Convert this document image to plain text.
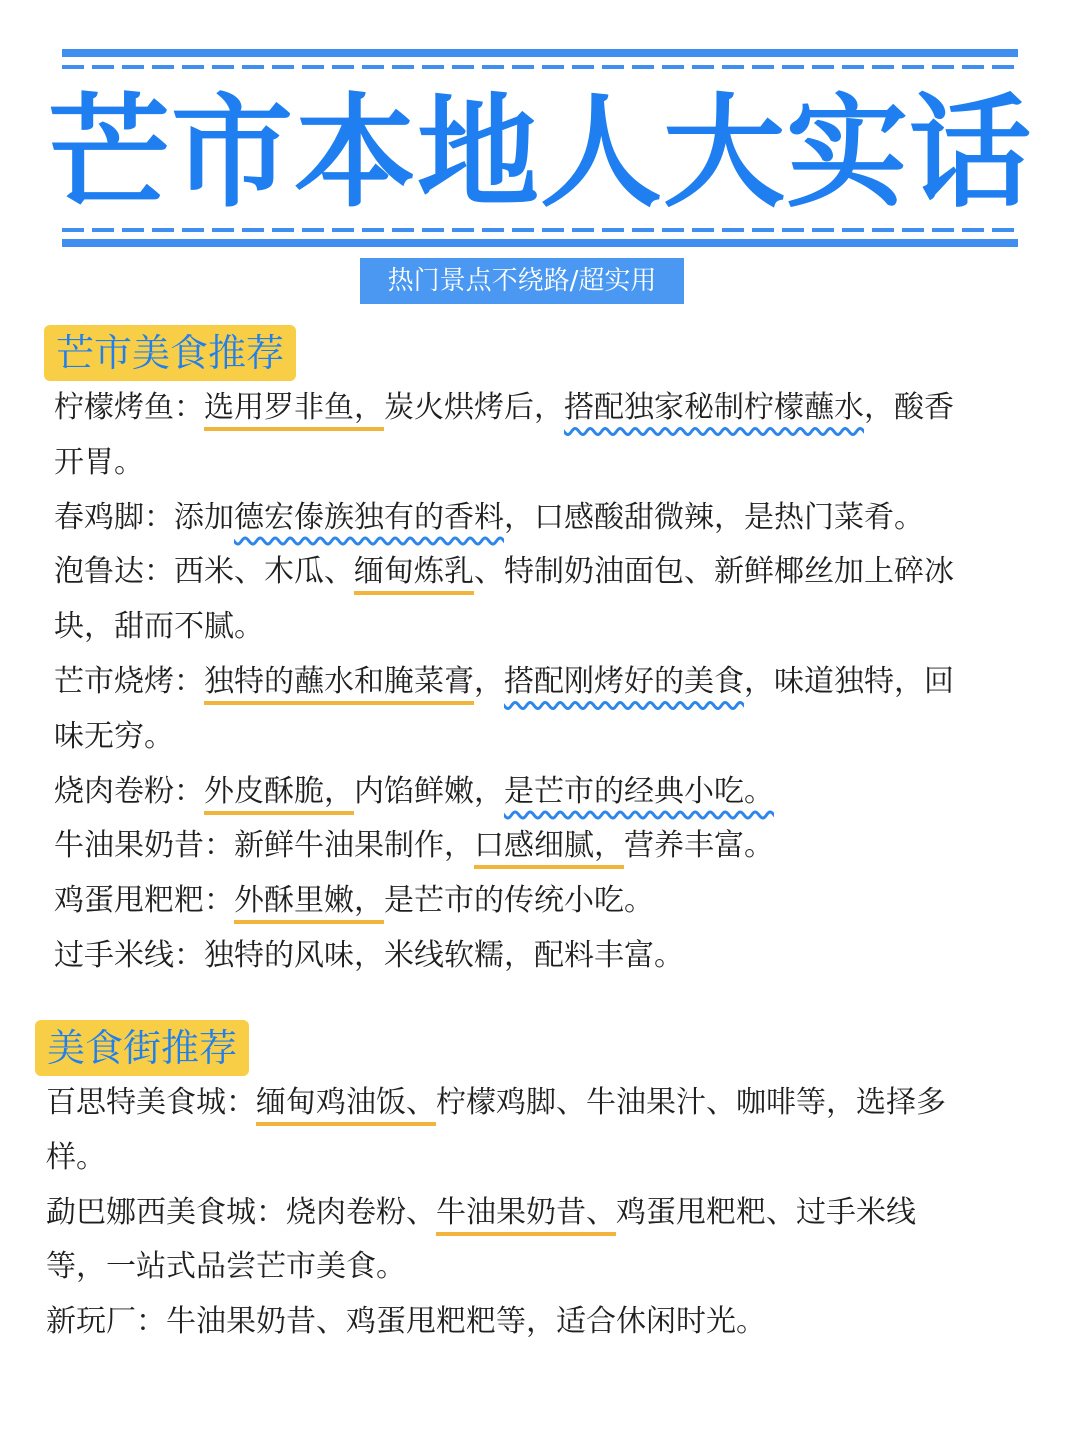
芒市本地人大实话
热门景点不绕路/超实用
芒市美食推荐
柠檬烤鱼：选用罗非鱼，炭火烘烤后，搭配独家秘制柠檬蘸水，酸香
开胃。
春鸡脚：添加德宏傣族独有的香料，口感酸甜微辣，是热门菜肴。
泡鲁达：西米、木瓜、缅甸炼乳、特制奶油面包、新鲜椰丝加上碎冰
块，甜而不腻。
芒市烧烤：独特的蘸水和腌菜膏，搭配刚烤好的美食，味道独特，回
味无穷。
烧肉卷粉：外皮酥脆，内馅鲜嫩，是芒市的经典小吃。
牛油果奶昔：新鲜牛油果制作，口感细腻，营养丰富。
鸡蛋甩粑粑：外酥里嫩，是芒市的传统小吃。
过手米线：独特的风味，米线软糯，配料丰富。
美食街推荐
百思特美食城：缅甸鸡油饭、柠檬鸡脚、牛油果汁、咖啡等，选择多
样。
勐巴娜西美食城：烧肉卷粉、牛油果奶昔、鸡蛋甩粑粑、过手米线
等，一站式品尝芒市美食。
新玩厂：牛油果奶昔、鸡蛋甩粑粑等，适合休闲时光。
